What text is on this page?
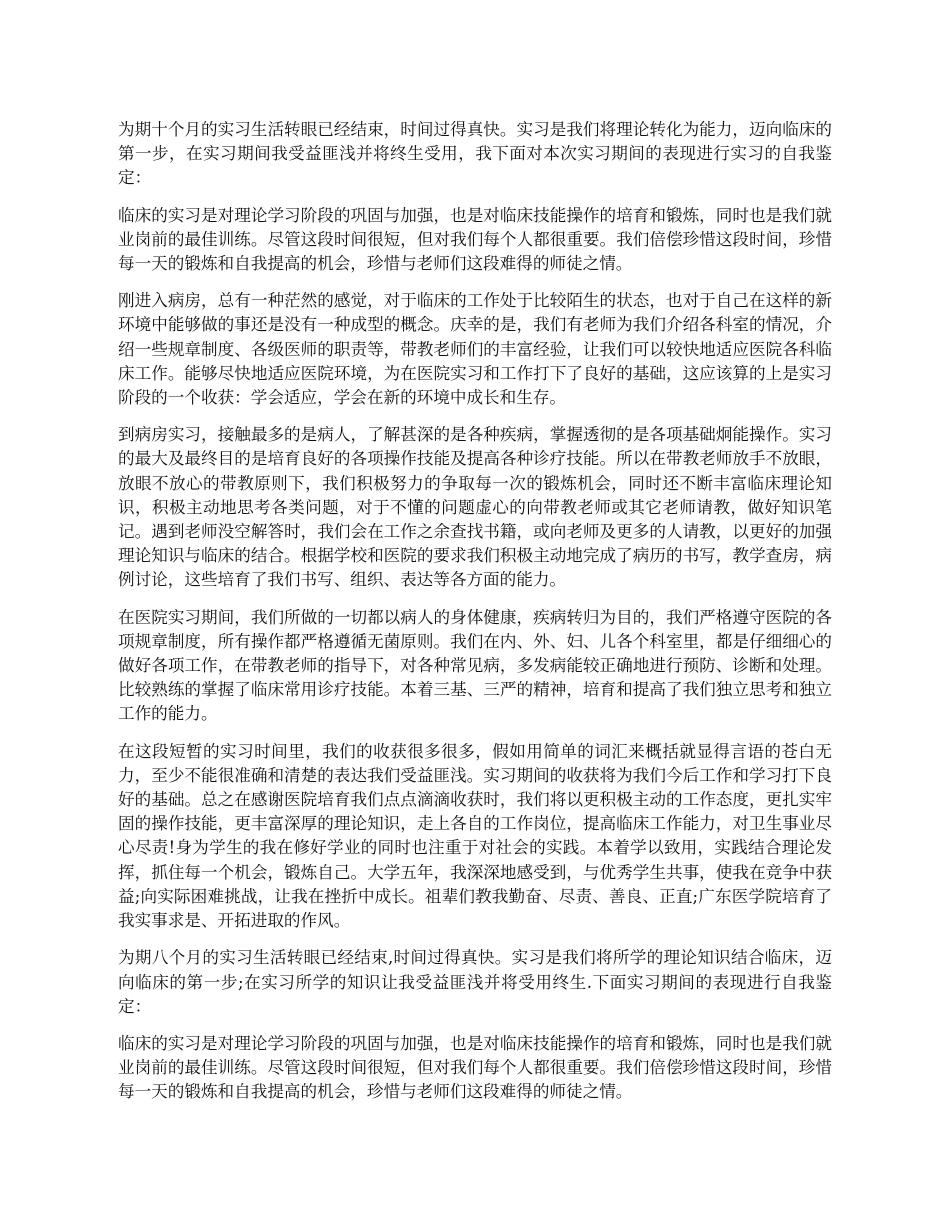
为期十个月的实习生活转眼已经结束，时间过得真快。实习是我们将理论转化为能力，迈向临床的第一步，在实习期间我受益匪浅并将终生受用，我下面对本次实习期间的表现进行实习的自我鉴定：

临床的实习是对理论学习阶段的巩固与加强，也是对临床技能操作的培育和锻炼，同时也是我们就业岗前的最佳训练。尽管这段时间很短，但对我们每个人都很重要。我们倍偿珍惜这段时间，珍惜每一天的锻炼和自我提高的机会，珍惜与老师们这段难得的师徒之情。

刚进入病房，总有一种茫然的感觉，对于临床的工作处于比较陌生的状态，也对于自己在这样的新环境中能够做的事还是没有一种成型的概念。庆幸的是，我们有老师为我们介绍各科室的情况，介绍一些规章制度、各级医师的职责等，带教老师们的丰富经验，让我们可以较快地适应医院各科临床工作。能够尽快地适应医院环境，为在医院实习和工作打下了良好的基础，这应该算的上是实习阶段的一个收获：学会适应，学会在新的环境中成长和生存。

到病房实习，接触最多的是病人，了解甚深的是各种疾病，掌握透彻的是各项基础炯能操作。实习的最大及最终目的是培育良好的各项操作技能及提高各种诊疗技能。所以在带教老师放手不放眼，放眼不放心的带教原则下，我们积极努力的争取每一次的锻炼机会，同时还不断丰富临床理论知识，积极主动地思考各类问题，对于不懂的问题虚心的向带教老师或其它老师请教，做好知识笔记。遇到老师没空解答时，我们会在工作之余查找书籍，或向老师及更多的人请教，以更好的加强理论知识与临床的结合。根据学校和医院的要求我们积极主动地完成了病历的书写，教学查房，病例讨论，这些培育了我们书写、组织、表达等各方面的能力。

在医院实习期间，我们所做的一切都以病人的身体健康，疾病转归为目的，我们严格遵守医院的各项规章制度，所有操作都严格遵循无菌原则。我们在内、外、妇、儿各个科室里，都是仔细细心的做好各项工作，在带教老师的指导下，对各种常见病，多发病能较正确地进行预防、诊断和处理。比较熟练的掌握了临床常用诊疗技能。本着三基、三严的精神，培育和提高了我们独立思考和独立工作的能力。

在这段短暂的实习时间里，我们的收获很多很多，假如用简单的词汇来概括就显得言语的苍白无力，至少不能很准确和清楚的表达我们受益匪浅。实习期间的收获将为我们今后工作和学习打下良好的基础。总之在感谢医院培育我们点点滴滴收获时，我们将以更积极主动的工作态度，更扎实牢固的操作技能，更丰富深厚的理论知识，走上各自的工作岗位，提高临床工作能力，对卫生事业尽心尽责!身为学生的我在修好学业的同时也注重于对社会的实践。本着学以致用，实践结合理论发挥，抓住每一个机会，锻炼自己。大学五年，我深深地感受到，与优秀学生共事，使我在竞争中获益;向实际困难挑战，让我在挫折中成长。祖辈们教我勤奋、尽责、善良、正直;广东医学院培育了我实事求是、开拓进取的作风。

为期八个月的实习生活转眼已经结束,时间过得真快。实习是我们将所学的理论知识结合临床，迈向临床的第一步;在实习所学的知识让我受益匪浅并将受用终生.下面实习期间的表现进行自我鉴定：

临床的实习是对理论学习阶段的巩固与加强，也是对临床技能操作的培育和锻炼，同时也是我们就业岗前的最佳训练。尽管这段时间很短，但对我们每个人都很重要。我们倍偿珍惜这段时间，珍惜每一天的锻炼和自我提高的机会，珍惜与老师们这段难得的师徒之情。
